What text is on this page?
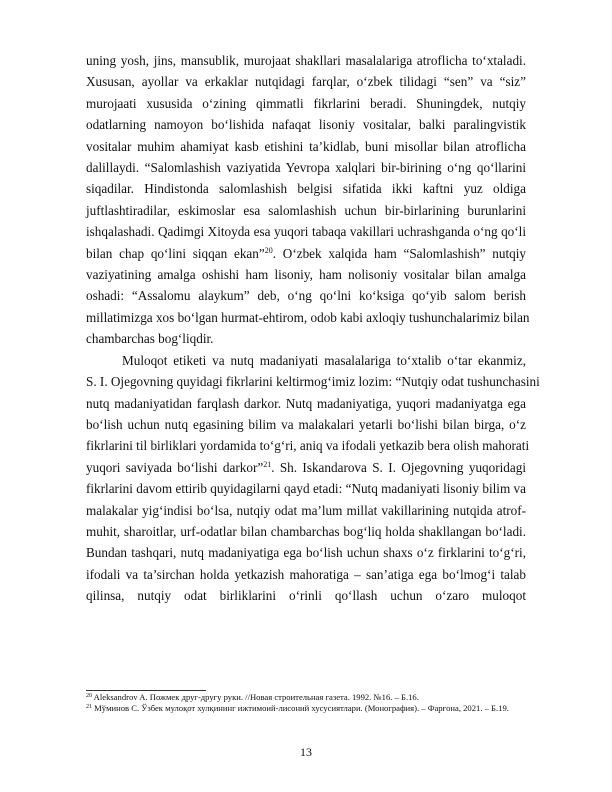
uning yosh, jins, mansublik, murojaat shakllari masalalariga atroflicha to‘xtaladi.
Xususan, ayollar va erkaklar nutqidagi farqlar, o‘zbek tilidagi “sen” va “siz”
murojaati xususida o‘zining qimmatli fikrlarini beradi. Shuningdek, nutqiy
odatlarning namoyon bo‘lishida nafaqat lisoniy vositalar, balki paralingvistik
vositalar muhim ahamiyat kasb etishini ta’kidlab, buni misollar bilan atroflicha
dalillaydi. “Salomlashish vaziyatida Yevropa xalqlari bir-birining o‘ng qo‘llarini
siqadilar. Hindistonda salomlashish belgisi sifatida ikki kaftni yuz oldiga
juftlashtiradilar, eskimoslar esa salomlashish uchun bir-birlarining burunlarini
ishqalashadi. Qadimgi Xitoyda esa yuqori tabaqa vakillari uchrashganda o‘ng qo‘li
bilan chap qo‘lini siqqan ekan”$^{20}$. O‘zbek xalqida ham “Salomlashish” nutqiy
vaziyatining amalga oshishi ham lisoniy, ham nolisoniy vositalar bilan amalga
oshadi: “Assalomu alaykum” deb, o‘ng qo‘lni ko‘ksiga qo‘yib salom berish
millatimizga xos bo‘lgan hurmat-ehtirom, odob kabi axloqiy tushunchalarimiz bilan
chambarchas bog‘liqdir.

Muloqot etiketi va nutq madaniyati masalalariga to‘xtalib o‘tar ekanmiz,
S. I. Ojegovning quyidagi fikrlarini keltirmog‘imiz lozim: “Nutqiy odat tushunchasini
nutq madaniyatidan farqlash darkor. Nutq madaniyatiga, yuqori madaniyatga ega
bo‘lish uchun nutq egasining bilim va malakalari yetarli bo‘lishi bilan birga, o‘z
fikrlarini til birliklari yordamida to‘g‘ri, aniq va ifodali yetkazib bera olish mahorati
yuqori saviyada bo‘lishi darkor”$^{21}$. Sh. Iskandarova S. I. Ojegovning yuqoridagi
fikrlarini davom ettirib quyidagilarni qayd etadi: “Nutq madaniyati lisoniy bilim va
malakalar yig‘indisi bo‘lsa, nutqiy odat ma’lum millat vakillarining nutqida atrof-
muhit, sharoitlar, urf-odatlar bilan chambarchas bog‘liq holda shakllangan bo‘ladi.
Bundan tashqari, nutq madaniyatiga ega bo‘lish uchun shaxs o‘z firklarini to‘g‘ri,
ifodali va ta’sirchan holda yetkazish mahoratiga – san’atiga ega bo‘lmog‘i talab
qilinsa, nutqiy odat birliklarini o‘rinli qo‘llash uchun o‘zaro muloqot

$^{20}$ Aleksandrov A. Пожмек друг-другу руки. //Новая строительная газета. 1992. №16. – Б.16.

$^{21}$ Мўминов С. Ўзбек мулоқот хулқининг ижтимоий-лисоний хусусиятлари. (Монография). – Фарғона, 2021. – Б.19.

13
